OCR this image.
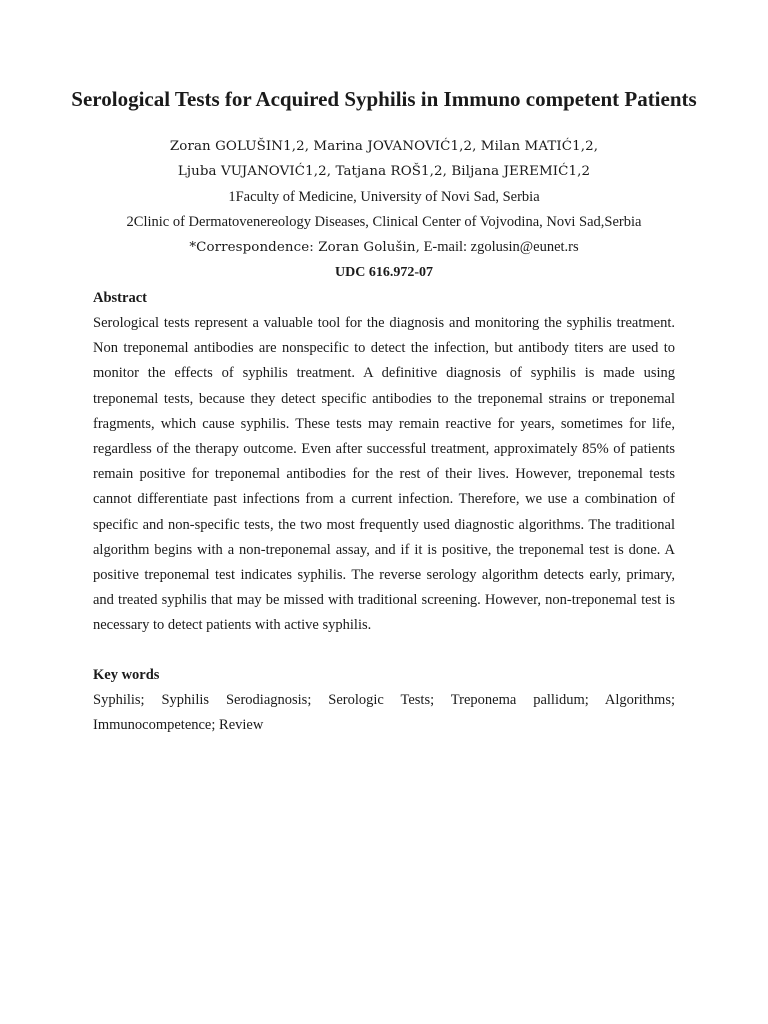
Serological Tests for Acquired Syphilis in Immuno competent Patients
Zoran GOLUŠIN1,2, Marina JOVANOVIĆ1,2, Milan MATIĆ1,2,
Ljuba VUJANOVIĆ1,2, Tatjana ROŠ1,2, Biljana JEREMIĆ1,2
1Faculty of Medicine, University of Novi Sad, Serbia
2Clinic of Dermatovenereology Diseases, Clinical Center of Vojvodina, Novi Sad,Serbia
*Correspondence: Zoran Golušin, E-mail: zgolusin@eunet.rs
UDC 616.972-07
Abstract
Serological tests represent a valuable tool for the diagnosis and monitoring the syphilis treatment. Non treponemal antibodies are nonspecific to detect the infection, but antibody titers are used to monitor the effects of syphilis treatment. A definitive diagnosis of syphilis is made using treponemal tests, because they detect specific antibodies to the treponemal strains or treponemal fragments, which cause syphilis. These tests may remain reactive for years, sometimes for life, regardless of the therapy outcome. Even after successful treatment, approximately 85% of patients remain positive for treponemal antibodies for the rest of their lives. However, treponemal tests cannot differentiate past infections from a current infection. Therefore, we use a combination of specific and non-specific tests, the two most frequently used diagnostic algorithms. The traditional algorithm begins with a non-treponemal assay, and if it is positive, the treponemal test is done. A positive treponemal test indicates syphilis. The reverse serology algorithm detects early, primary, and treated syphilis that may be missed with traditional screening. However, non-treponemal test is necessary to detect patients with active syphilis.
Key words
Syphilis; Syphilis Serodiagnosis; Serologic Tests; Treponema pallidum; Algorithms; Immunocompetence; Review
